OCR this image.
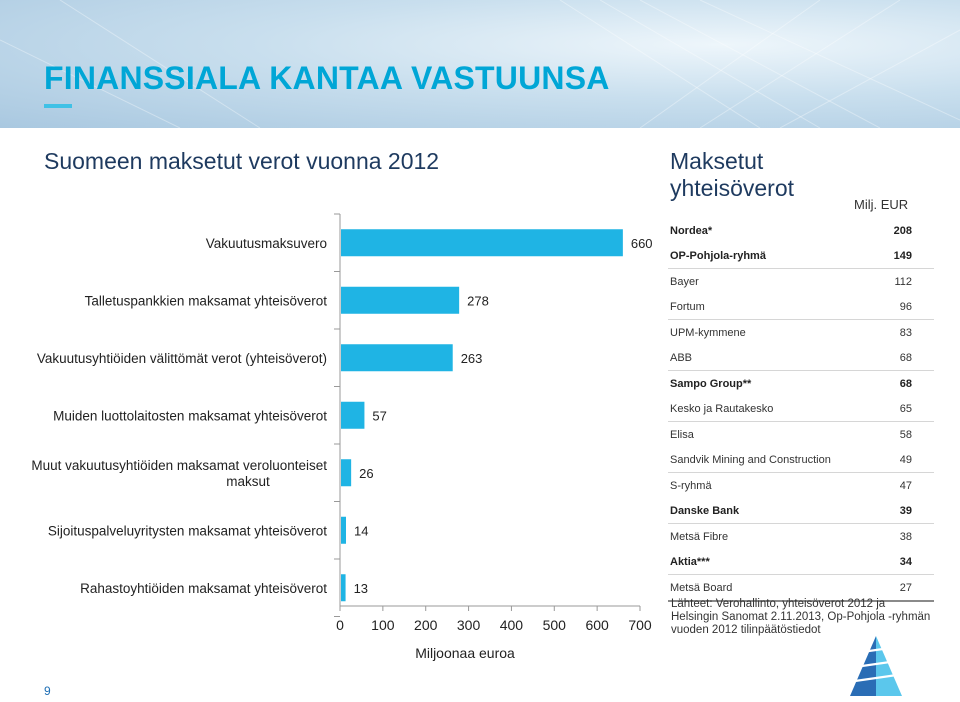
FINANSSIALA KANTAA VASTUUNSA
Suomeen maksetut verot vuonna 2012
660
Vakuutusmaksuvero
278
Talletuspankkien maksamat yhteisöverot
263
Vakuutusyhtiöiden välittömät verot (yhteisöverot)
57
Muiden luottolaitosten maksamat yhteisöverot
26
Muut vakuutusyhtiöiden maksamat veroluonteiset maksut
14
Sijoituspalveluyritysten maksamat yhteisöverot
13
Rahastoyhtiöiden maksamat yhteisöverot
0 100 200 300 400 500 600 700
Miljoonaa euroa
Maksetut yhteisöverot
Milj. EUR
Nordea*	208
OP-Pohjola-ryhmä	149
Bayer	112
Fortum	96
UPM-kymmene	83
ABB	68
Sampo Group**	68
Kesko ja Rautakesko	65
Elisa	58
Sandvik Mining and Construction	49
S-ryhmä	47
Danske Bank	39
Metsä Fibre	38
Aktia***	34
Metsä Board	27

Lähteet: Verohallinto, yhteisöverot 2012 ja Helsingin Sanomat 2.11.2013, Op-Pohjola -ryhmän vuoden 2012 tilinpäätöstiedot

9
